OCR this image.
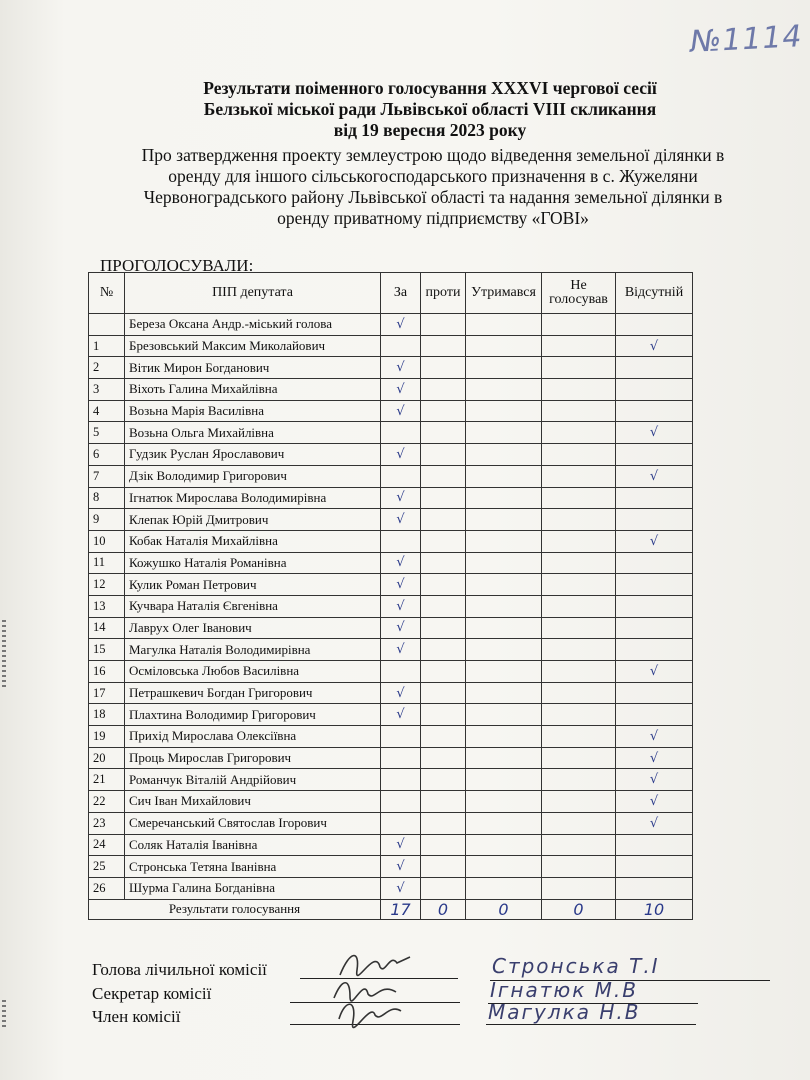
№1114
Результати поіменного голосування XXXVI чергової сесії
Белзької міської ради Львівської області VIII скликання
від 19 вересня 2023 року
Про затвердження проекту землеустрою щодо відведення земельної ділянки в
оренду для іншого сільськогосподарського призначення в с. Жужеляни
Червоноградського району Львівської області та надання земельної ділянки в
оренду приватному підприємству «ГОВІ»
ПРОГОЛОСУВАЛИ:
№	ПІП депутата	За	проти	Утримався	Не голосував	Відсутній
	Береза Оксана Андр.-міський голова	√				
1	Брезовський Максим Миколайович					√
2	Вітик Мирон Богданович	√				
3	Віхоть Галина Михайлівна	√				
4	Возьна Марія Василівна	√				
5	Возьна Ольга Михайлівна					√
6	Гудзик Руслан Ярославович	√				
7	Дзік Володимир Григорович					√
8	Ігнатюк Мирослава Володимирівна	√				
9	Клепак Юрій Дмитрович	√				
10	Кобак Наталія Михайлівна					√
11	Кожушко Наталія Романівна	√				
12	Кулик Роман Петрович	√				
13	Кучвара Наталія Євгенівна	√				
14	Лаврух Олег Іванович	√				
15	Магулка Наталія Володимирівна	√				
16	Осміловська Любов Василівна					√
17	Петрашкевич Богдан Григорович	√				
18	Плахтина Володимир Григорович	√				
19	Прихід Мирослава Олексіївна					√
20	Проць Мирослав Григорович					√
21	Романчук Віталій Андрійович					√
22	Сич Іван Михайлович					√
23	Смеречанський Святослав Ігорович					√
24	Соляк Наталія Іванівна	√				
25	Стронська Тетяна Іванівна	√				
26	Шурма Галина Богданівна	√				
Результати голосування		17	0	0	0	10
Голова лічильної комісії	Стронська Т.І
Секретар комісії	Ігнатюк М.В
Член комісії	Магулка Н.В
